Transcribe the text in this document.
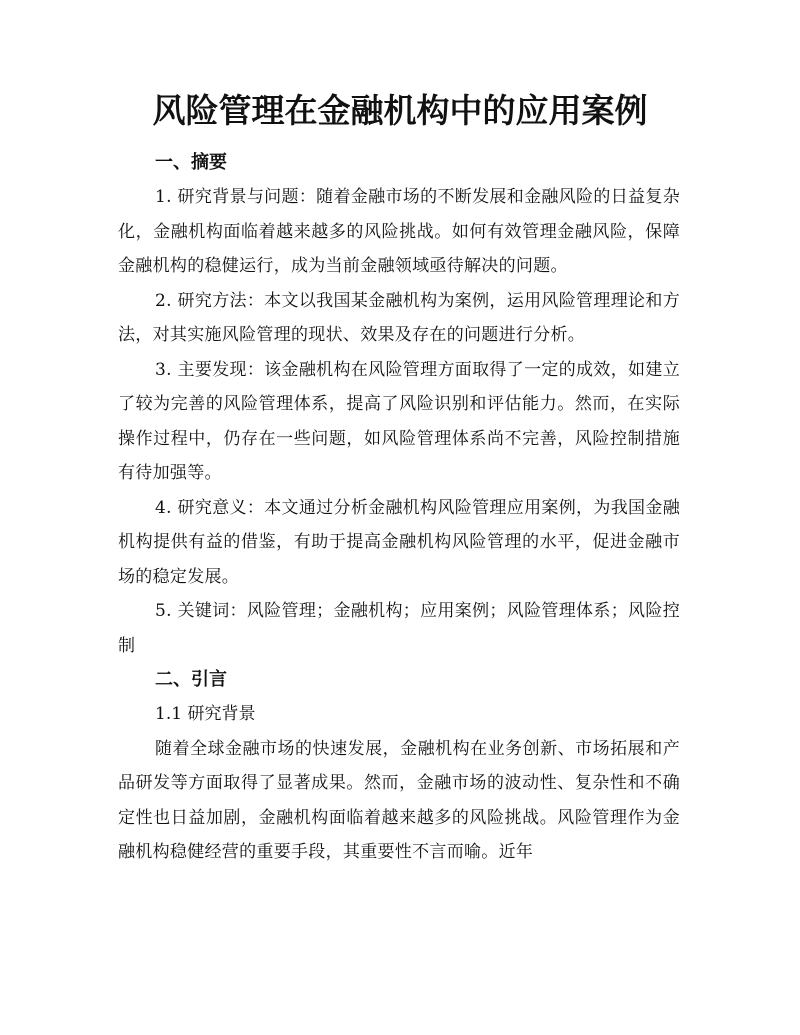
风险管理在金融机构中的应用案例
一、摘要

1. 研究背景与问题：随着金融市场的不断发展和金融风险的日益复杂化，金融机构面临着越来越多的风险挑战。如何有效管理金融风险，保障金融机构的稳健运行，成为当前金融领域亟待解决的问题。

2. 研究方法：本文以我国某金融机构为案例，运用风险管理理论和方法，对其实施风险管理的现状、效果及存在的问题进行分析。

3. 主要发现：该金融机构在风险管理方面取得了一定的成效，如建立了较为完善的风险管理体系，提高了风险识别和评估能力。然而，在实际操作过程中，仍存在一些问题，如风险管理体系尚不完善，风险控制措施有待加强等。

4. 研究意义：本文通过分析金融机构风险管理应用案例，为我国金融机构提供有益的借鉴，有助于提高金融机构风险管理的水平，促进金融市场的稳定发展。

5. 关键词：风险管理；金融机构；应用案例；风险管理体系；风险控制

二、引言

1.1 研究背景

随着全球金融市场的快速发展，金融机构在业务创新、市场拓展和产品研发等方面取得了显著成果。然而，金融市场的波动性、复杂性和不确定性也日益加剧，金融机构面临着越来越多的风险挑战。风险管理作为金融机构稳健经营的重要手段，其重要性不言而喻。近年
